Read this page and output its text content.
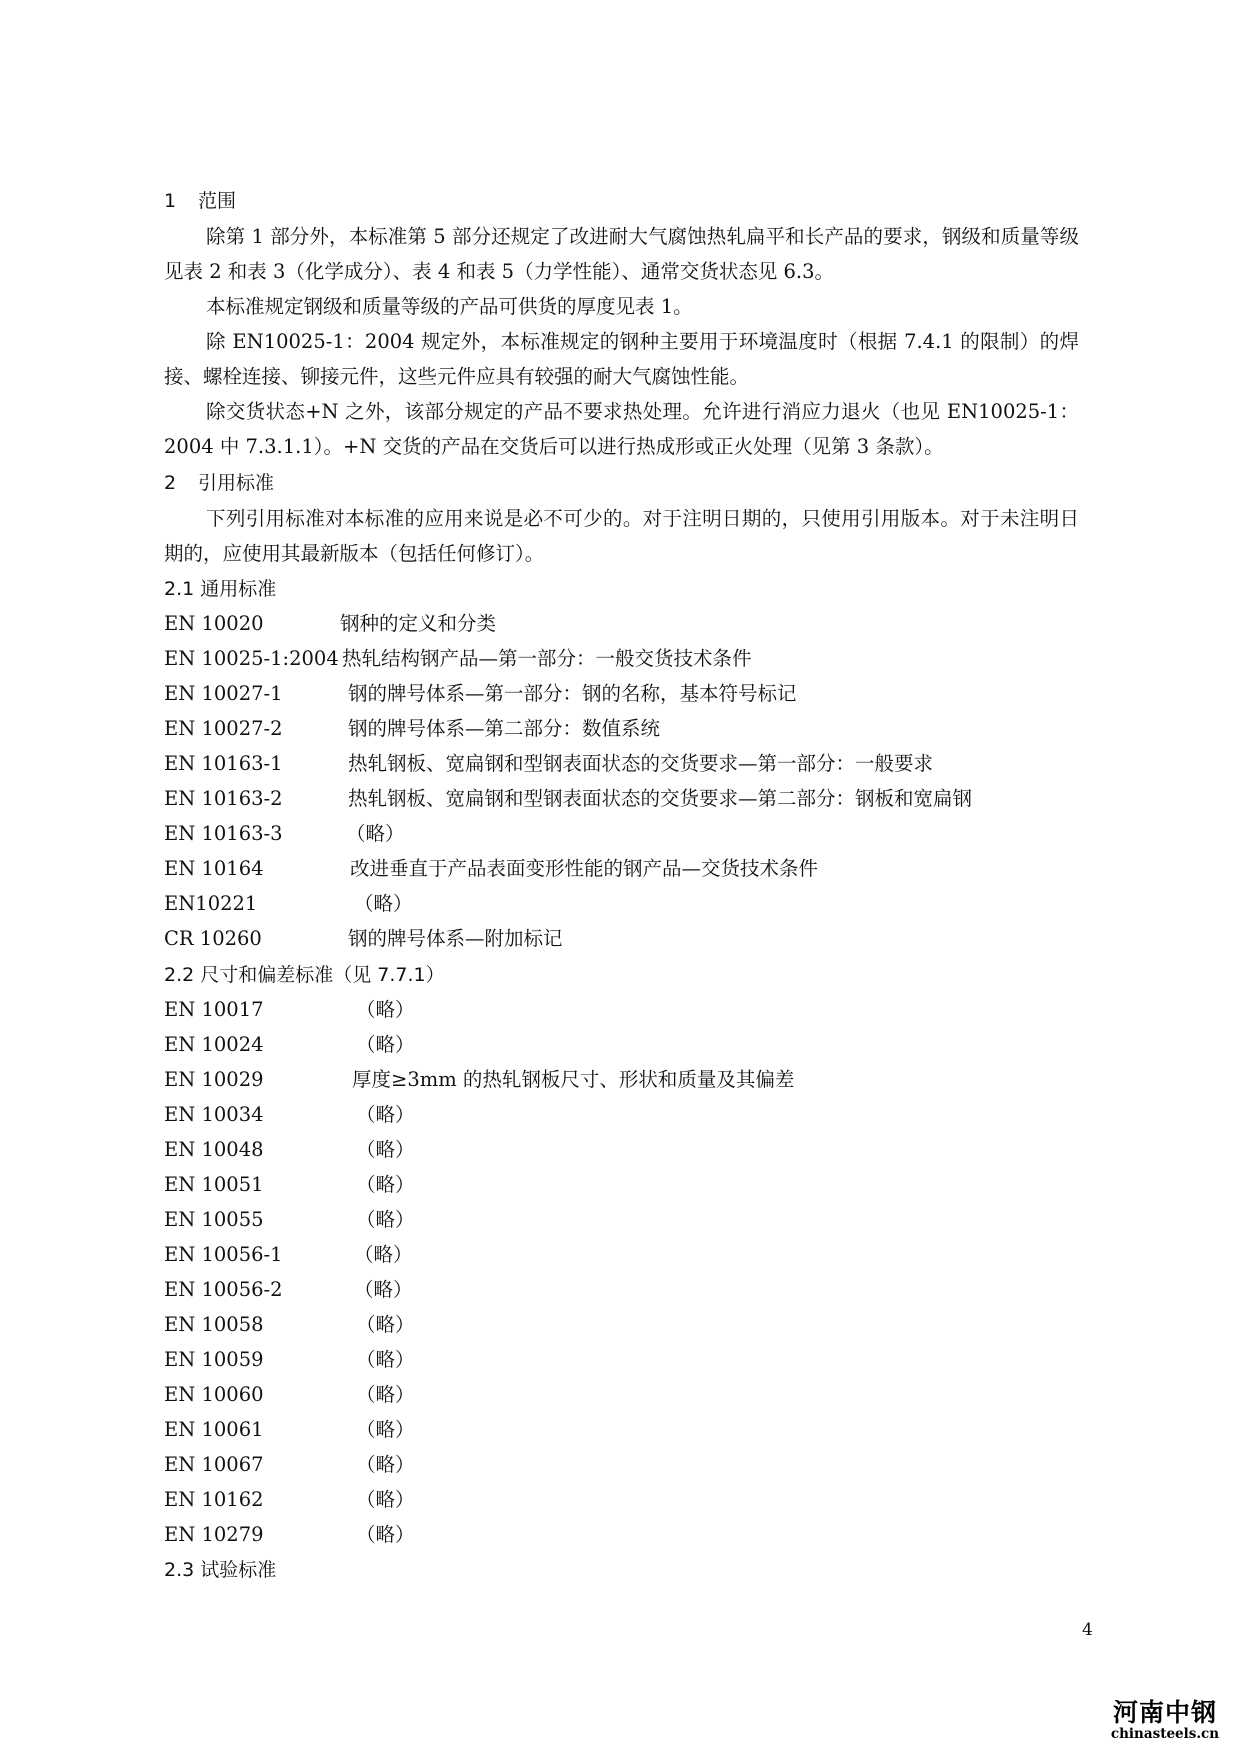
1 范围
除第 1 部分外，本标准第 5 部分还规定了改进耐大气腐蚀热轧扁平和长产品的要求，钢级和质量等级见表 2 和表 3（化学成分）、表 4 和表 5（力学性能）、通常交货状态见 6.3。
本标准规定钢级和质量等级的产品可供货的厚度见表 1。
除 EN10025-1：2004 规定外，本标准规定的钢种主要用于环境温度时（根据 7.4.1 的限制）的焊接、螺栓连接、铆接元件，这些元件应具有较强的耐大气腐蚀性能。
除交货状态+N 之外，该部分规定的产品不要求热处理。允许进行消应力退火（也见 EN10025-1：2004 中 7.3.1.1）。+N 交货的产品在交货后可以进行热成形或正火处理（见第 3 条款）。
2 引用标准
下列引用标准对本标准的应用来说是必不可少的。对于注明日期的，只使用引用版本。对于未注明日期的，应使用其最新版本（包括任何修订）。
2.1 通用标准
EN 10020	钢种的定义和分类
EN 10025-1:2004 热轧结构钢产品—第一部分：一般交货技术条件
EN 10027-1	钢的牌号体系—第一部分：钢的名称，基本符号标记
EN 10027-2	钢的牌号体系—第二部分：数值系统
EN 10163-1	热轧钢板、宽扁钢和型钢表面状态的交货要求—第一部分：一般要求
EN 10163-2	热轧钢板、宽扁钢和型钢表面状态的交货要求—第二部分：钢板和宽扁钢
EN 10163-3	（略）
EN 10164	改进垂直于产品表面变形性能的钢产品—交货技术条件
EN10221	（略）
CR 10260	钢的牌号体系—附加标记
2.2 尺寸和偏差标准（见 7.7.1）
EN 10017	（略）
EN 10024	（略）
EN 10029	厚度≥3mm 的热轧钢板尺寸、形状和质量及其偏差
EN 10034	（略）
EN 10048	（略）
EN 10051	（略）
EN 10055	（略）
EN 10056-1	（略）
EN 10056-2	（略）
EN 10058	（略）
EN 10059	（略）
EN 10060	（略）
EN 10061	（略）
EN 10067	（略）
EN 10162	（略）
EN 10279	（略）
2.3 试验标准
4
河南中钢
chinasteels.cn
